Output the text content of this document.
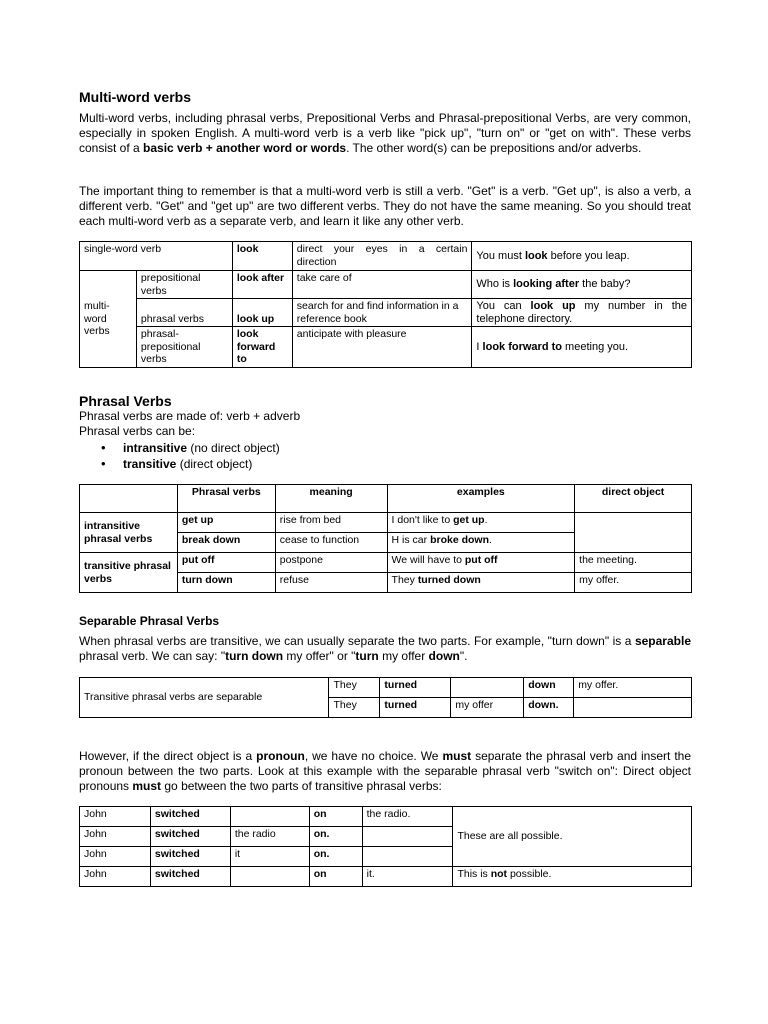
Multi-word verbs

Multi-word verbs, including phrasal verbs, Prepositional Verbs and Phrasal-prepositional Verbs, are very common, especially in spoken English. A multi-word verb is a verb like "pick up", "turn on" or "get on with". These verbs consist of a basic verb + another word or words. The other word(s) can be prepositions and/or adverbs.

The important thing to remember is that a multi-word verb is still a verb. "Get" is a verb. "Get up", is also a verb, a different verb. "Get" and "get up" are two different verbs. They do not have the same meaning. So you should treat each multi-word verb as a separate verb, and learn it like any other verb.

single-word verb		look	direct your eyes in a certain direction	You must look before you leap.
multi-word verbs	prepositional verbs	look after	take care of	Who is looking after the baby?
	phrasal verbs	look up	search for and find information in a reference book	You can look up my number in the telephone directory.
	phrasal-prepositional verbs	look forward to	anticipate with pleasure	I look forward to meeting you.
Phrasal Verbs

Phrasal verbs are made of: verb + adverb

Phrasal verbs can be:

• intransitive (no direct object)
• transitive (direct object)
	Phrasal verbs	meaning	examples	direct object
intransitive phrasal verbs	get up	rise from bed	I don't like to get up.	
	break down	cease to function	H is car broke down.	
transitive phrasal verbs	put off	postpone	We will have to put off	the meeting.
	turn down	refuse	They turned down	my offer.
Separable Phrasal Verbs

When phrasal verbs are transitive, we can usually separate the two parts. For example, "turn down" is a separable phrasal verb. We can say: "turn down my offer" or "turn my offer down".

Transitive phrasal verbs are separable	They	turned		down	my offer.
	They	turned	my offer	down.	

However, if the direct object is a pronoun, we have no choice. We must separate the phrasal verb and insert the pronoun between the two parts. Look at this example with the separable phrasal verb "switch on": Direct object pronouns must go between the two parts of transitive phrasal verbs:

John	switched		on	the radio.	These are all possible.
John	switched	the radio	on.		
John	switched	it	on.		
John	switched		on	it.	This is not possible.
